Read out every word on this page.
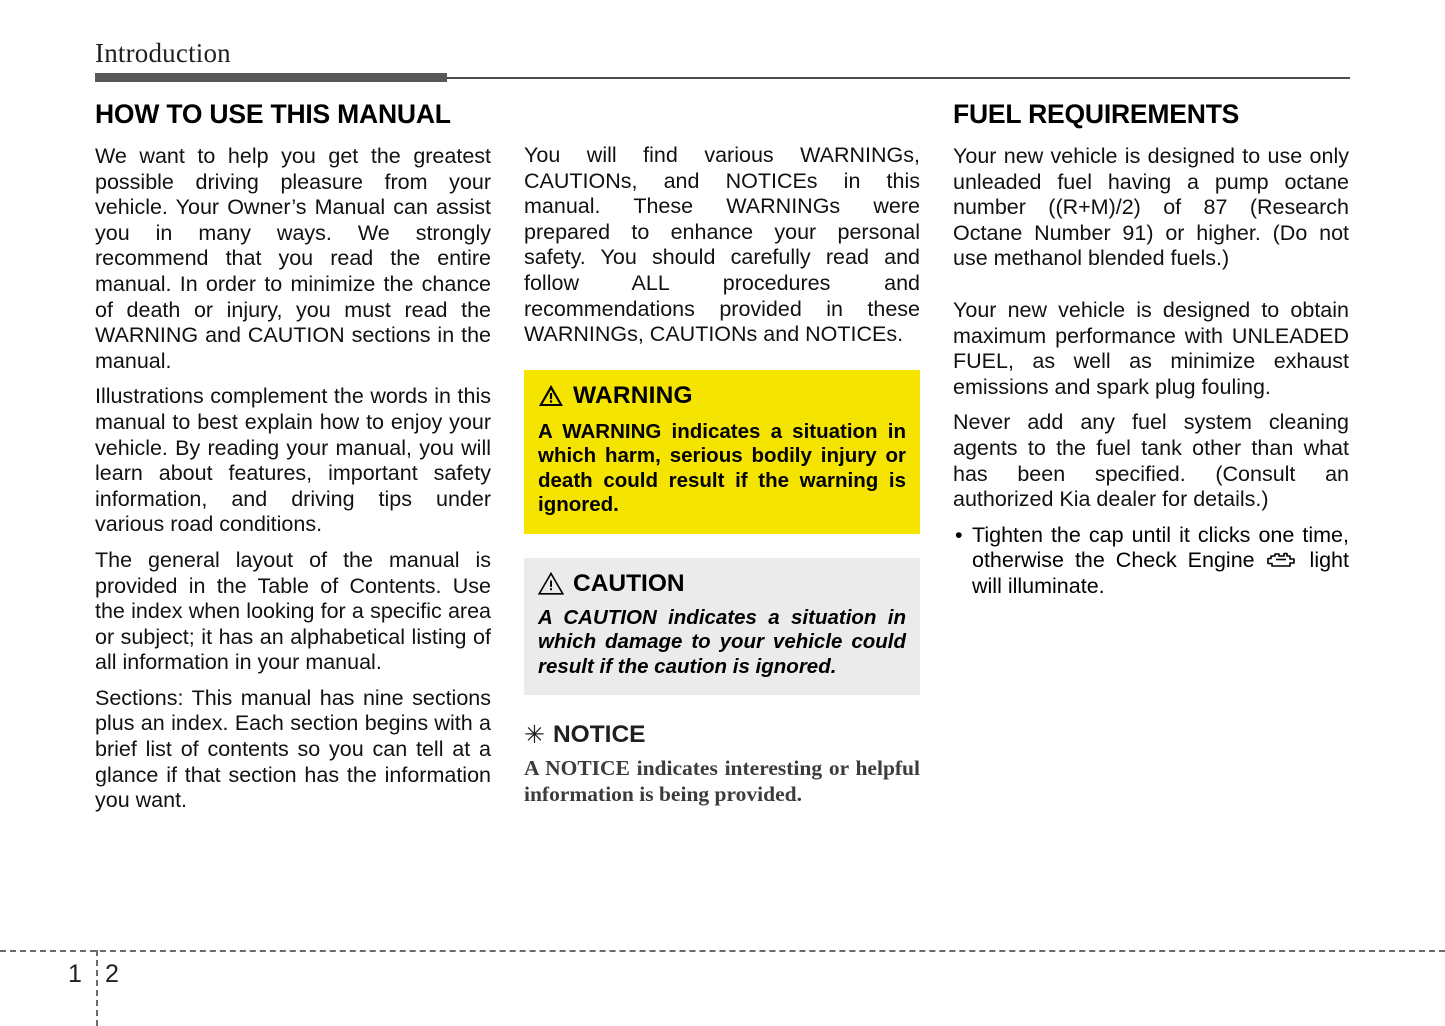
Introduction
HOW TO USE THIS MANUAL

We want to help you get the greatest possible driving pleasure from your vehicle. Your Owner’s Manual can assist you in many ways. We strongly recommend that you read the entire manual. In order to minimize the chance of death or injury, you must read the WARNING and CAUTION sections in the manual.

Illustrations complement the words in this manual to best explain how to enjoy your vehicle. By reading your manual, you will learn about features, important safety information, and driving tips under various road conditions.

The general layout of the manual is provided in the Table of Contents. Use the index when looking for a specific area or subject; it has an alphabetical listing of all information in your manual.

Sections: This manual has nine sections plus an index. Each section begins with a brief list of contents so you can tell at a glance if that section has the information you want.

You will find various WARNINGs, CAUTIONs, and NOTICEs in this manual. These WARNINGs were prepared to enhance your personal safety. You should carefully read and follow ALL procedures and recommendations provided in these WARNINGs, CAUTIONs and NOTICEs.

WARNING

A WARNING indicates a situation in which harm, serious bodily injury or death could result if the warning is ignored.

CAUTION

A CAUTION indicates a situation in which damage to your vehicle could result if the caution is ignored.

✳ NOTICE

A NOTICE indicates interesting or helpful information is being provided.

FUEL REQUIREMENTS

Your new vehicle is designed to use only unleaded fuel having a pump octane number ((R+M)/2) of 87 (Research Octane Number 91) or higher. (Do not use methanol blended fuels.)

Your new vehicle is designed to obtain maximum performance with UNLEADED FUEL, as well as minimize exhaust emissions and spark plug fouling.

Never add any fuel system cleaning agents to the fuel tank other than what has been specified. (Consult an authorized Kia dealer for details.)

• Tighten the cap until it clicks one time, otherwise the Check Engine	light will illuminate.
1 2
